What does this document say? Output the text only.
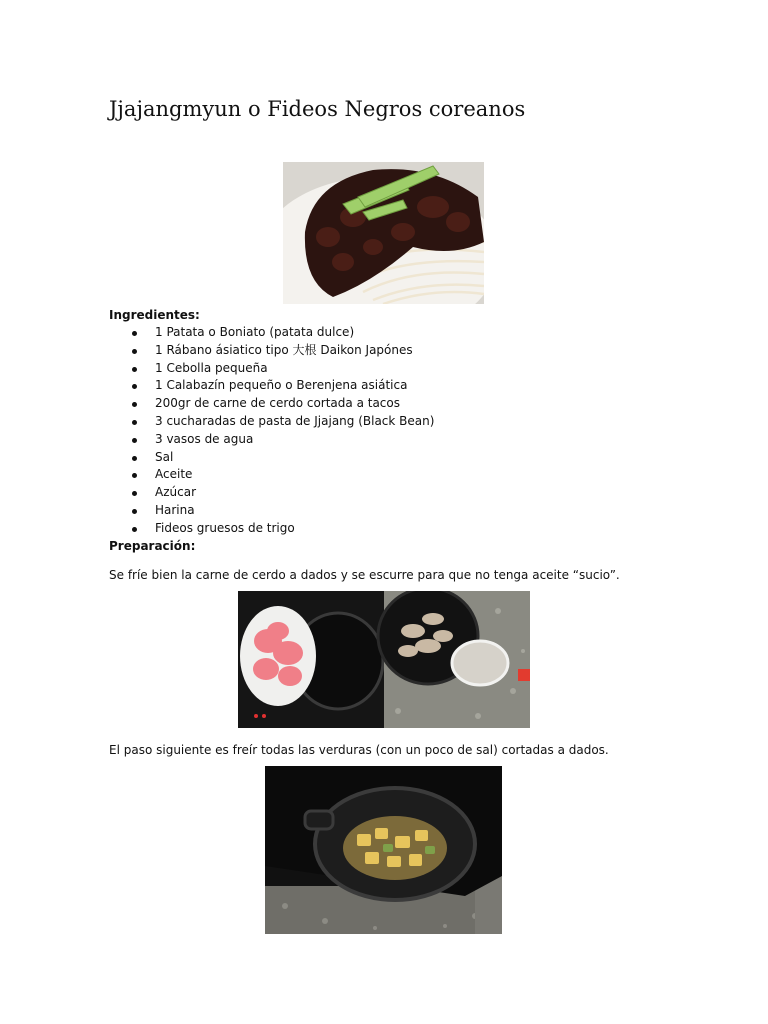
Jjajangmyun o Fideos Negros coreanos
Ingredientes:
1 Patata o Boniato (patata dulce)
1 Rábano ásiatico tipo 大根 Daikon Japónes
1 Cebolla pequeña
1 Calabazín pequeño o Berenjena asiática
200gr de carne de cerdo cortada a tacos
3 cucharadas de pasta de Jjajang (Black Bean)
3 vasos de agua
Sal
Aceite
Azúcar
Harina
Fideos gruesos de trigo
Preparación:
Se fríe bien la carne de cerdo a dados y se escurre para que no tenga aceite “sucio”.
El paso siguiente es freír todas las verduras (con un poco de sal) cortadas a dados.
